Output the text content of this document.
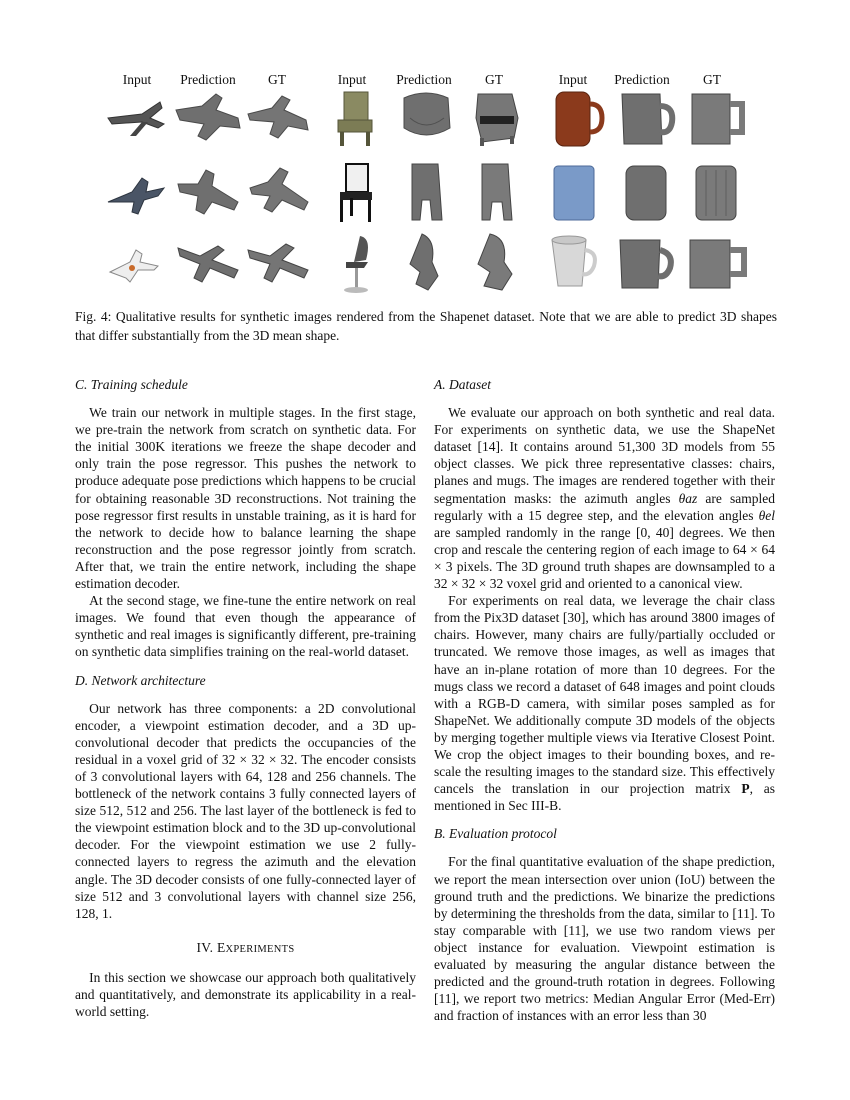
Input	Prediction	GT	Input	Prediction	GT	Input	Prediction	GT
Fig. 4: Qualitative results for synthetic images rendered from the Shapenet dataset. Note that we are able to predict 3D shapes that differ substantially from the 3D mean shape.
C. Training schedule

We train our network in multiple stages. In the first stage, we pre-train the network from scratch on synthetic data. For the initial 300K iterations we freeze the shape decoder and only train the pose regressor. This pushes the network to produce adequate pose predictions which happens to be crucial for obtaining reasonable 3D reconstructions. Not training the pose regressor first results in unstable training, as it is hard for the network to decide how to balance learning the shape reconstruction and the pose regressor jointly from scratch. After that, we train the entire network, including the shape estimation decoder.

At the second stage, we fine-tune the entire network on real images. We found that even though the appearance of synthetic and real images is significantly different, pre-training on synthetic data simplifies training on the real-world dataset.

D. Network architecture

Our network has three components: a 2D convolutional encoder, a viewpoint estimation decoder, and a 3D up-convolutional decoder that predicts the occupancies of the residual in a voxel grid of 32 × 32 × 32. The encoder consists of 3 convolutional layers with 64, 128 and 256 channels. The bottleneck of the network contains 3 fully connected layers of size 512, 512 and 256. The last layer of the bottleneck is fed to the viewpoint estimation block and to the 3D up-convolutional decoder. For the viewpoint estimation we use 2 fully-connected layers to regress the azimuth and the elevation angle. The 3D decoder consists of one fully-connected layer of size 512 and 3 convolutional layers with channel size 256, 128, 1.

IV. EXPERIMENTS

In this section we showcase our approach both qualitatively and quantitatively, and demonstrate its applicability in a real-world setting.

A. Dataset

We evaluate our approach on both synthetic and real data. For experiments on synthetic data, we use the ShapeNet dataset [14]. It contains around 51,300 3D models from 55 object classes. We pick three representative classes: chairs, planes and mugs. The images are rendered together with their segmentation masks: the azimuth angles θaz are sampled regularly with a 15 degree step, and the elevation angles θel are sampled randomly in the range [0, 40] degrees. We then crop and rescale the centering region of each image to 64 × 64 × 3 pixels. The 3D ground truth shapes are downsampled to a 32 × 32 × 32 voxel grid and oriented to a canonical view.

For experiments on real data, we leverage the chair class from the Pix3D dataset [30], which has around 3800 images of chairs. However, many chairs are fully/partially occluded or truncated. We remove those images, as well as images that have an in-plane rotation of more than 10 degrees. For the mugs class we record a dataset of 648 images and point clouds with a RGB-D camera, with similar poses sampled as for ShapeNet. We additionally compute 3D models of the objects by merging together multiple views via Iterative Closest Point. We crop the object images to their bounding boxes, and re-scale the resulting images to the standard size. This effectively cancels the translation in our projection matrix P, as mentioned in Sec III-B.

B. Evaluation protocol

For the final quantitative evaluation of the shape prediction, we report the mean intersection over union (IoU) between the ground truth and the predictions. We binarize the predictions by determining the thresholds from the data, similar to [11]. To stay comparable with [11], we use two random views per object instance for evaluation. Viewpoint estimation is evaluated by measuring the angular distance between the predicted and the ground-truth rotation in degrees. Following [11], we report two metrics: Median Angular Error (Med-Err) and fraction of instances with an error less than 30
